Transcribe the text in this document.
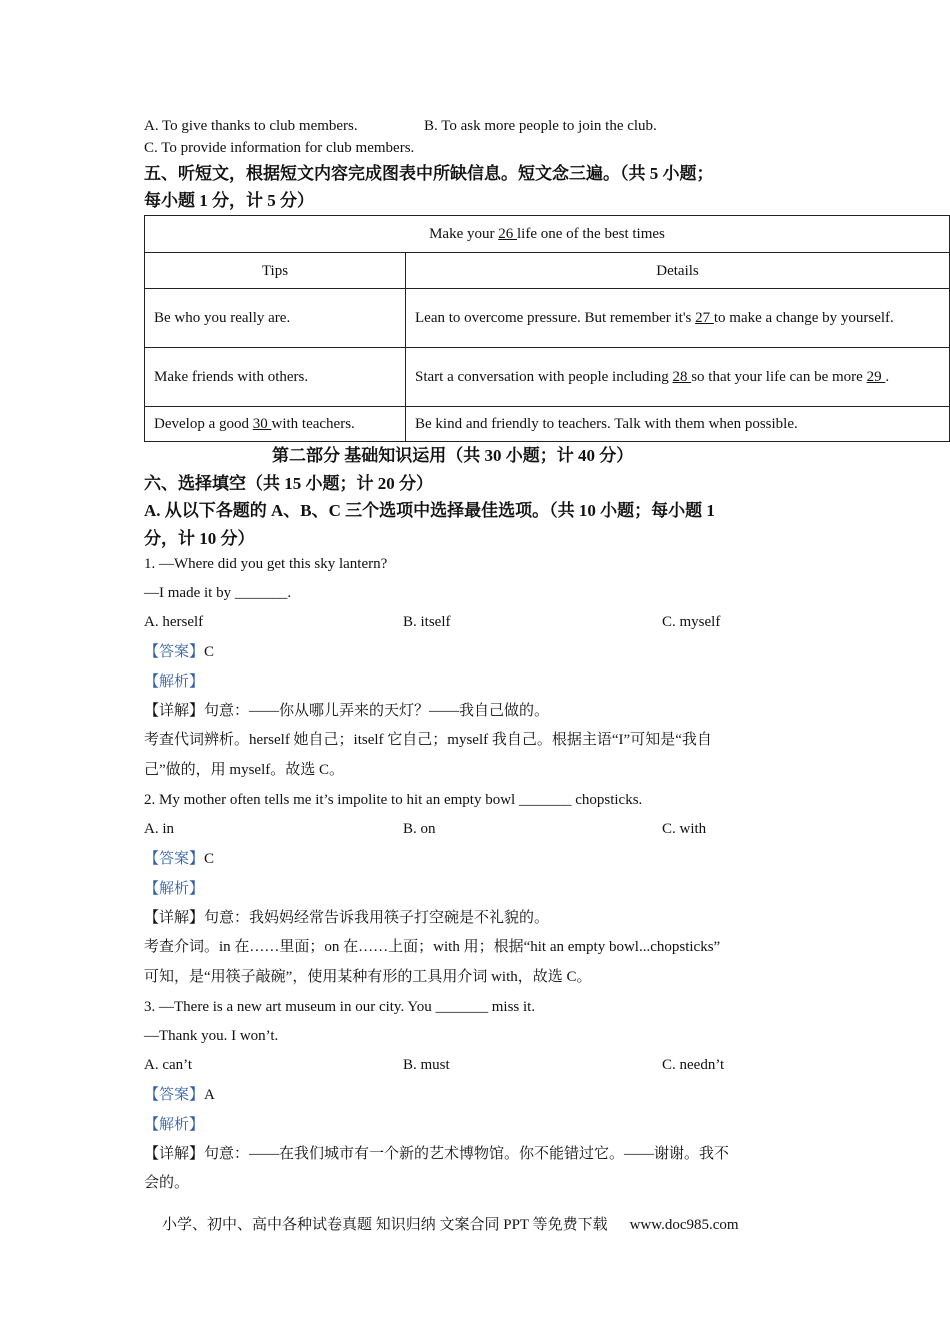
A. To give thanks to club members.	B. To ask more people to join the club.
C. To provide information for club members.
五、听短文，根据短文内容完成图表中所缺信息。短文念三遍。（共 5 小题；
每小题 1 分，计 5 分）
Make your 26 life one of the best times	
Tips	Details
Be who you really are.	Lean to overcome pressure. But remember it's 27 to make a change by yourself.
Make friends with others.	Start a conversation with people including 28 so that your life can be more 29 .
Develop a good 30 with teachers.	Be kind and friendly to teachers. Talk with them when possible.
第二部分 基础知识运用（共 30 小题；计 40 分）
六、选择填空（共 15 小题；计 20 分）
A. 从以下各题的 A、B、C 三个选项中选择最佳选项。（共 10 小题；每小题 1
分，计 10 分）
1. —Where did you get this sky lantern?
—I made it by _______.
A. herself	B. itself	C. myself
【答案】C
【解析】
【详解】句意：——你从哪儿弄来的天灯？——我自己做的。
考查代词辨析。herself 她自己；itself 它自己；myself 我自己。根据主语“I”可知是“我自
己”做的，用 myself。故选 C。
2. My mother often tells me it’s impolite to hit an empty bowl _______ chopsticks.
A. in	B. on	C. with
【答案】C
【解析】
【详解】句意：我妈妈经常告诉我用筷子打空碗是不礼貌的。
考查介词。in 在……里面；on 在……上面；with 用；根据“hit an empty bowl...chopsticks”
可知，是“用筷子敲碗”，使用某种有形的工具用介词 with，故选 C。
3. —There is a new art museum in our city. You _______ miss it.
—Thank you. I won’t.
A. can’t	B. must	C. needn’t
【答案】A
【解析】
【详解】句意：——在我们城市有一个新的艺术博物馆。你不能错过它。——谢谢。我不
会的。
小学、初中、高中各种试卷真题 知识归纳 文案合同 PPT 等免费下载 www.doc985.com
